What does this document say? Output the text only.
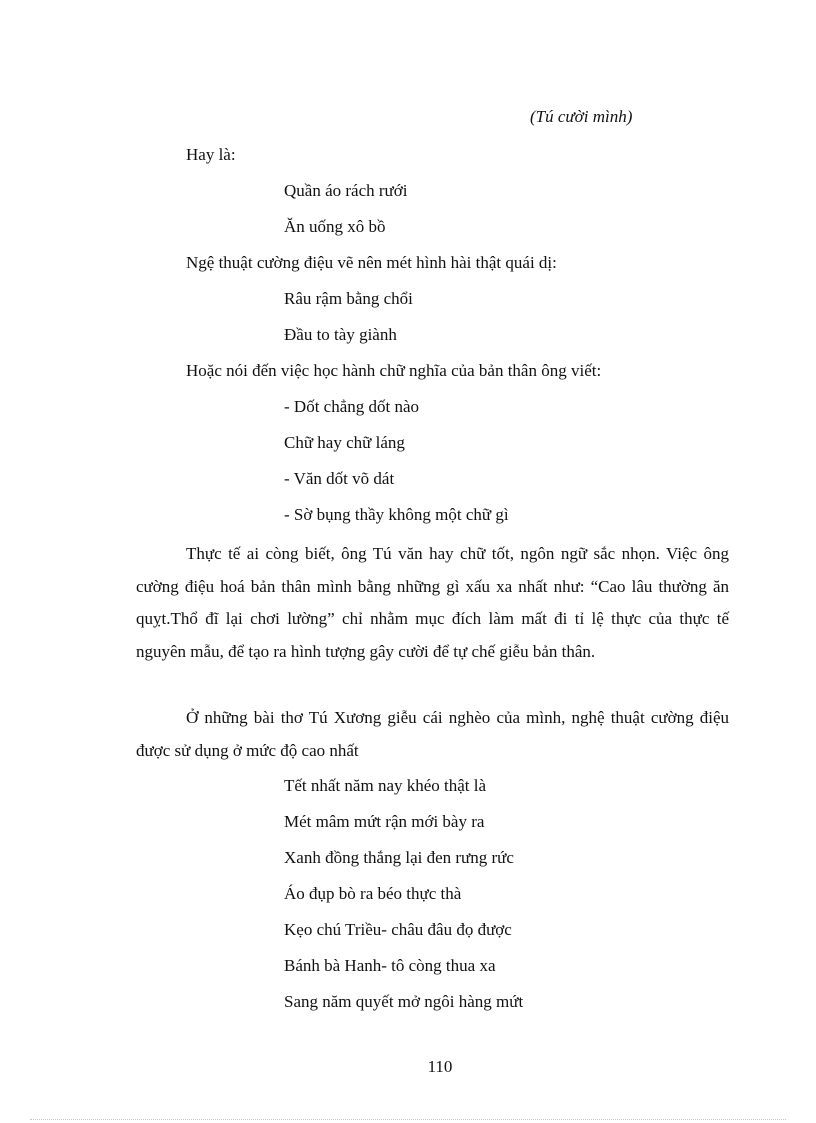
(Tú cười mình)
Hay là:
Quần áo rách rưới
Ăn uống xô bồ
Ngệ thuật cường điệu vẽ nên mét hình hài thật quái dị:
Râu rậm bằng chổi
Đầu to tày giành
Hoặc nói đến việc học hành chữ nghĩa của bản thân ông viết:
- Dốt chẳng dốt nào
Chữ hay chữ láng
- Văn dốt võ dát
- Sờ bụng thầy không một chữ gì
Thực tế ai còng biết, ông Tú văn hay chữ tốt, ngôn ngữ sắc nhọn. Việc ông cường điệu hoá bản thân mình bằng những gì xấu xa nhất như: “Cao lâu thường ăn quỵt.Thổ đĩ lại chơi lường” chỉ nhằm mục đích làm mất đi tỉ lệ thực của thực tế nguyên mẫu, để tạo ra hình tượng gây cười để tự chế giễu bản thân.
Ở những bài thơ Tú Xương giễu cái nghèo của mình, nghệ thuật cường điệu được sử dụng ở mức độ cao nhất
Tết nhất năm nay khéo thật là
Mét mâm mứt rận mới bày ra
Xanh đồng thắng lại đen rưng rức
Áo đụp bò ra béo thực thà
Kẹo chú Triều- châu đâu đọ được
Bánh bà Hanh- tô còng thua xa
Sang năm quyết mở ngôi hàng mứt
110
